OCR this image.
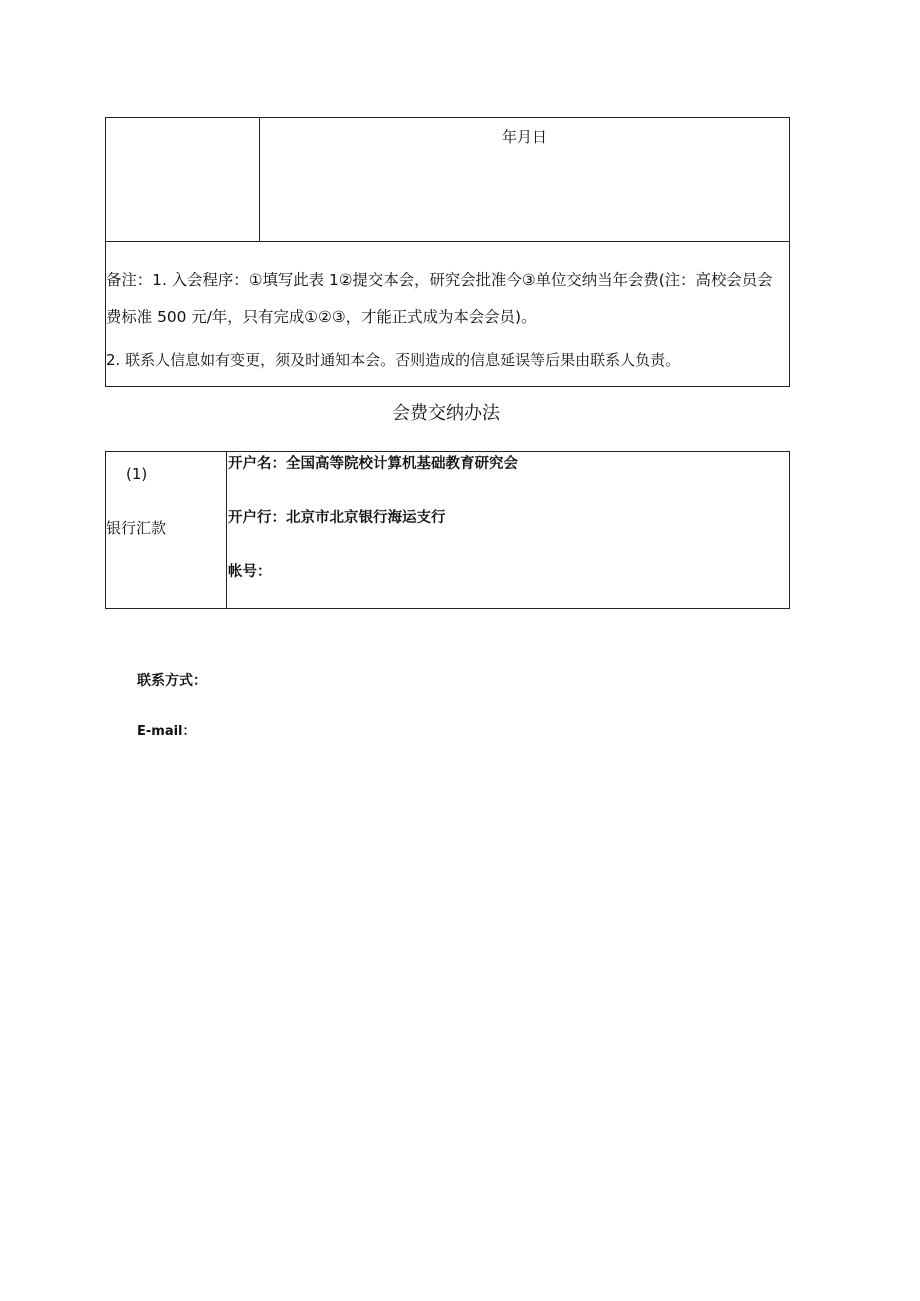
年月日
备注：1. 入会程序：①填写此表 1②提交本会，研究会批准今③单位交纳当年会费(注：高校会员会
费标准 500 元/年，只有完成①②③，才能正式成为本会会员)。
2. 联系人信息如有变更，须及时通知本会。否则造成的信息延误等后果由联系人负责。
会费交纳办法
(1)
银行汇款
开户名：全国高等院校计算机基础教育研究会
开户行：北京市北京银行海运支行
帐号：
联系方式：
E-mail：
